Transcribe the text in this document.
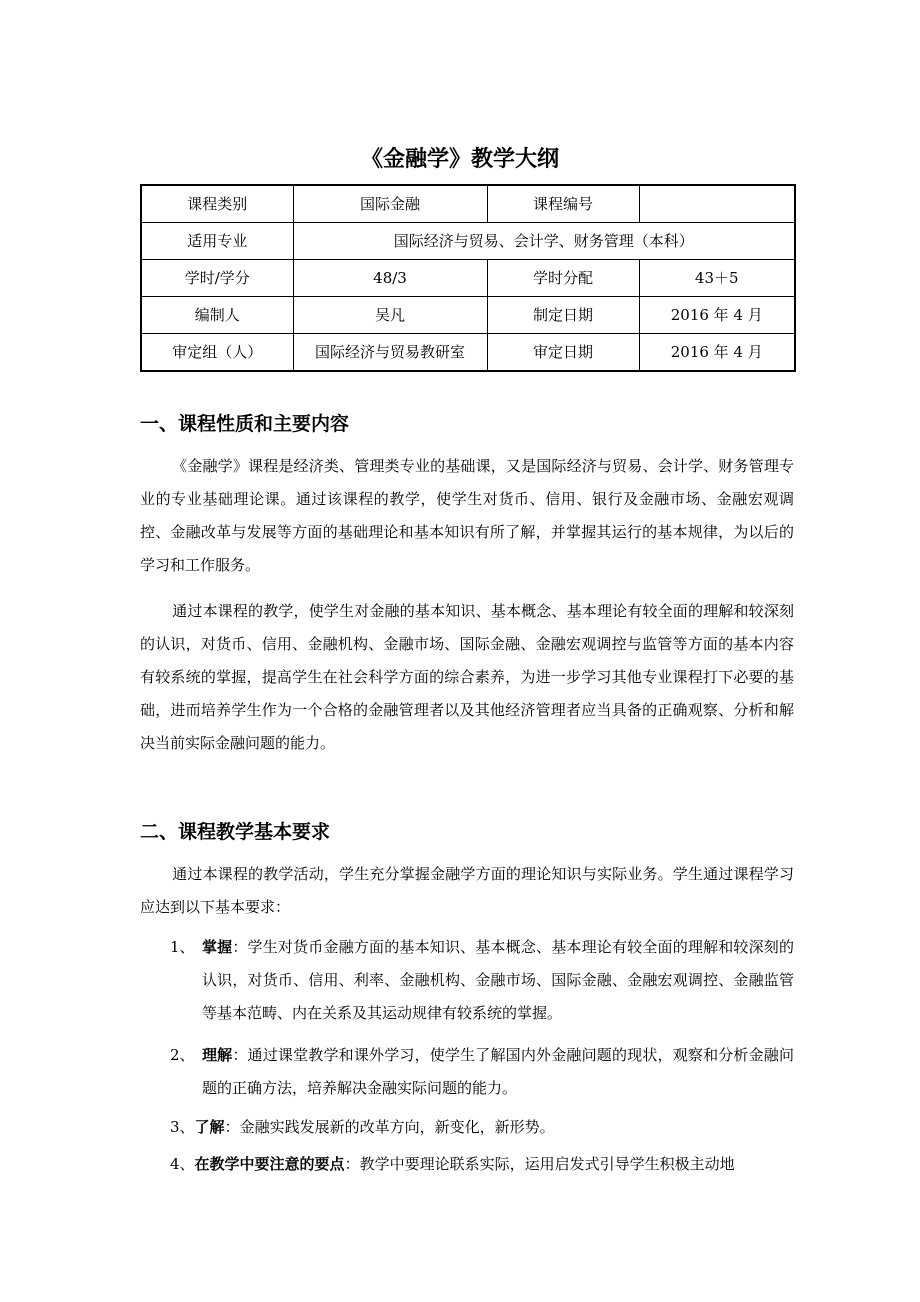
《金融学》教学大纲
课程类别	国际金融	课程编号	
适用专业	国际经济与贸易、会计学、财务管理（本科）		
学时/学分	48/3	学时分配	43＋5
编制人	吴凡	制定日期	2016 年 4 月
审定组（人）	国际经济与贸易教研室	审定日期	2016 年 4 月
一、课程性质和主要内容
《金融学》课程是经济类、管理类专业的基础课，又是国际经济与贸易、会计学、财务管理专业的专业基础理论课。通过该课程的教学，使学生对货币、信用、银行及金融市场、金融宏观调控、金融改革与发展等方面的基础理论和基本知识有所了解，并掌握其运行的基本规律，为以后的学习和工作服务。
通过本课程的教学，使学生对金融的基本知识、基本概念、基本理论有较全面的理解和较深刻的认识，对货币、信用、金融机构、金融市场、国际金融、金融宏观调控与监管等方面的基本内容有较系统的掌握，提高学生在社会科学方面的综合素养，为进一步学习其他专业课程打下必要的基础，进而培养学生作为一个合格的金融管理者以及其他经济管理者应当具备的正确观察、分析和解决当前实际金融问题的能力。
二、课程教学基本要求
通过本课程的教学活动，学生充分掌握金融学方面的理论知识与实际业务。学生通过课程学习应达到以下基本要求：
1、 掌握：学生对货币金融方面的基本知识、基本概念、基本理论有较全面的理解和较深刻的认识，对货币、信用、利率、金融机构、金融市场、国际金融、金融宏观调控、金融监管等基本范畴、内在关系及其运动规律有较系统的掌握。
2、 理解：通过课堂教学和课外学习，使学生了解国内外金融问题的现状，观察和分析金融问题的正确方法，培养解决金融实际问题的能力。
3、了解：金融实践发展新的改革方向，新变化，新形势。
4、在教学中要注意的要点：教学中要理论联系实际，运用启发式引导学生积极主动地
